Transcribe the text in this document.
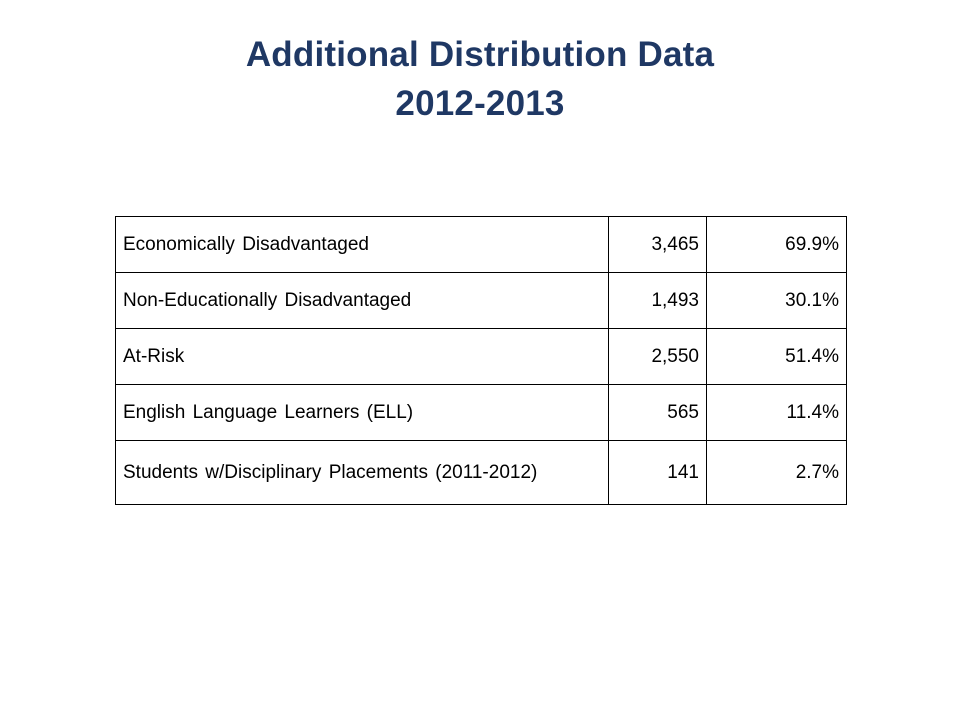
Additional Distribution Data
2012-2013
Economically Disadvantaged	3,465	69.9%
Non-Educationally Disadvantaged	1,493	30.1%
At-Risk	2,550	51.4%
English Language Learners (ELL)	565	11.4%
Students w/Disciplinary Placements (2011-2012)	141	2.7%
